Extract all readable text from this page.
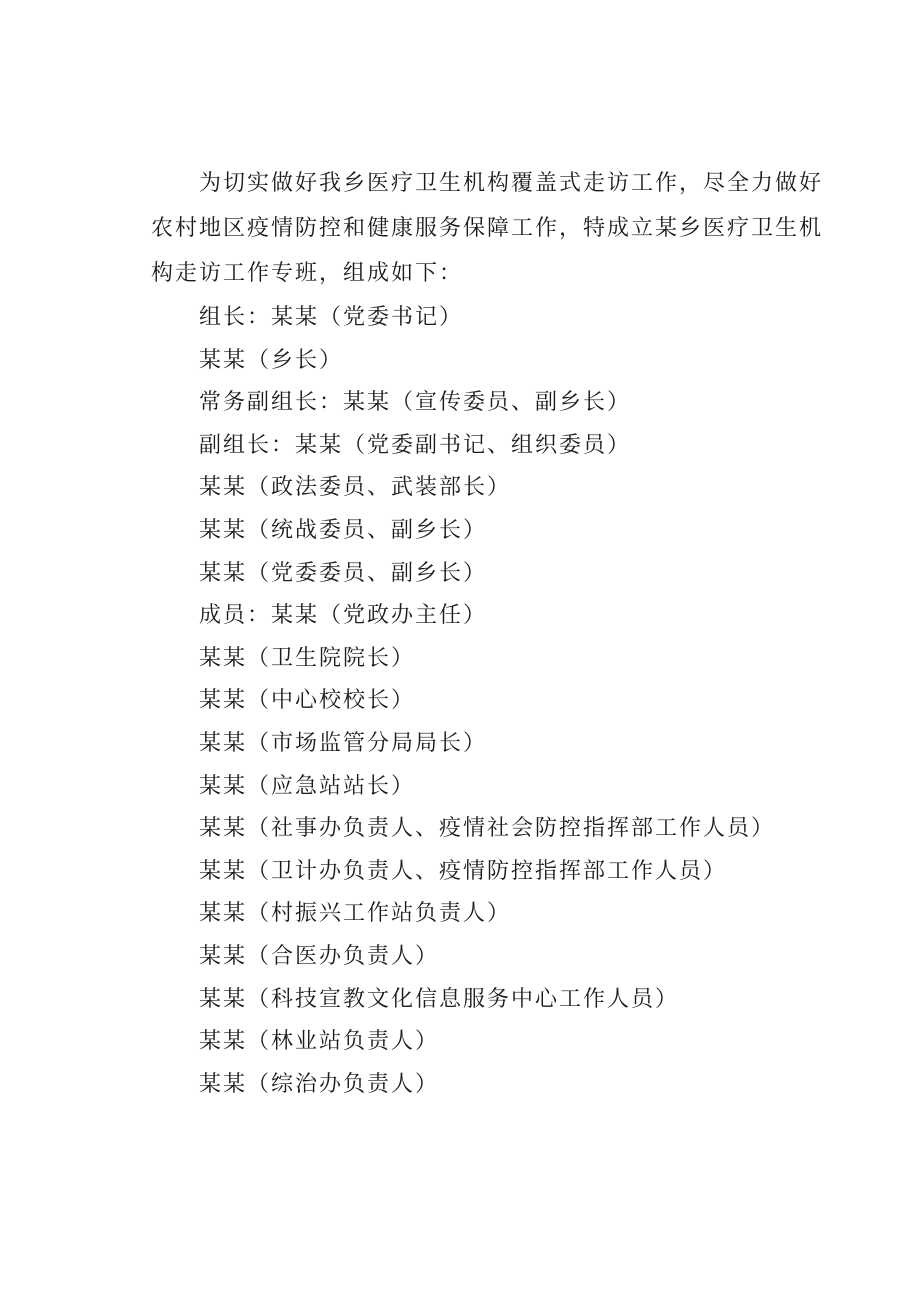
为切实做好我乡医疗卫生机构覆盖式走访工作，尽全力做好
农村地区疫情防控和健康服务保障工作，特成立某乡医疗卫生机
构走访工作专班，组成如下：

组长：某某（党委书记）
某某（乡长）
常务副组长：某某（宣传委员、副乡长）
副组长：某某（党委副书记、组织委员）
某某（政法委员、武装部长）
某某（统战委员、副乡长）
某某（党委委员、副乡长）
成员：某某（党政办主任）
某某（卫生院院长）
某某（中心校校长）
某某（市场监管分局局长）
某某（应急站站长）
某某（社事办负责人、疫情社会防控指挥部工作人员）
某某（卫计办负责人、疫情防控指挥部工作人员）
某某（村振兴工作站负责人）
某某（合医办负责人）
某某（科技宣教文化信息服务中心工作人员）
某某（林业站负责人）
某某（综治办负责人）
